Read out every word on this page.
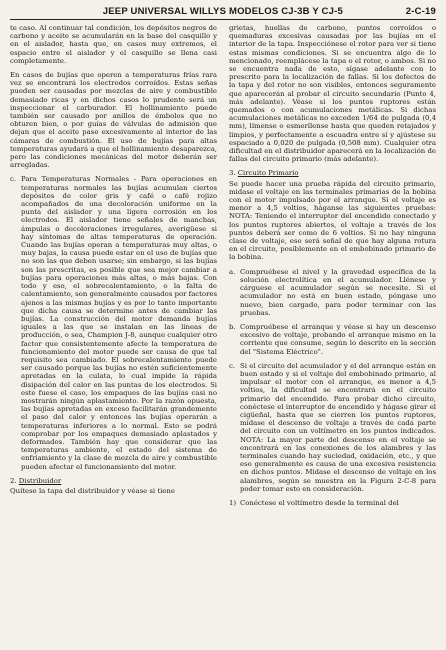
JEEP UNIVERSAL WILLYS MODELOS CJ-3B Y CJ-5	2-C-19

te caso. Al continuar tal condición, los depósitos negros de carbono y aceite se acumularán en la base del casquillo y en el aislador, hasta que, en casos muy extremos, el espacio entre el aislador y el casquillo se llena casi completamente.

En casos de bujías que operen a temperaturas frías rara vez se encontrará los electrodos corroídos. Estas señas pueden ser causadas por mezclas de aire y combustible demasiado ricas y en dichos casos lo prudente será un inspeccionar el carburador. El hollinamiento puede también ser causado por anillos de émbolos que no obturen bien, o por guías de válvulas de admisión que dejan que el aceite pase excesivamente al interior de las cámaras de combustión. El uso de bujías para altas temperaturas ayudará a que el hollinamiento desaparezca, pero las condiciones mecánicas del motor deberán ser arregladas.

c. Para Temperaturas Normales - Para operaciones en temperaturas normales las bujías acumulan ciertos depósitos de color gris y café o café rojizo acompañados de una decoloración uniforme en la punta del aislador y una ligera corrosión en los electrodos. El aislador tiene señales de manchas, ámpulas o decoloraciones irregulares, averigüese si hay síntomas de altas temperaturas de operación. Cuando las bujías operan a temperaturas muy altas, o muy bajas, la causa puede estar en el uso de bujías que no son las que deben usarse; sin embargo, si las bujías son las prescritas, es posible que sea mejor cambiar a bujías para operaciones más altas, o más bajas. Con todo y eso, el sobrecalentamiento, o la falta de calentamiento, son generalmente causados por factores ajenos a las mismas bujías y es por lo tanto importante que dicha causa se determine antes de cambiar las bujías. La construcción del motor demanda bujías iguales a las que se instalan en las líneas de producción, o sea, Champion J-8, aunque cualquier otro factor que consistentemente afecte la temperatura de funcionamiento del motor puede ser causa de que tal requisito sea cambiado. El sobrecalentamiento puede ser causado porque las bujías no estén suficientemente apretadas en la culata, lo cual impide la rápida disipación del calor en las puntas de los electrodos. Si este fuese el caso, los empaques de las bujías casi no mostrarán ningún aplastamiento. Por la razón opuesta, las bujías apretadas en exceso facilitarán grandemente el paso del calor y entonces las bujías operarán a temperaturas inferiores a lo normal. Esto se podrá comprobar por los empaques demasiado aplastados y deformados. También hay que considerar que las temperaturas ambiente, el estado del sistema de enfriamiento y la clase de mezcla de aire y combustible pueden afectar el funcionamiento del motor.
2. Distribuidor

Quítese la tapa del distribuidor y véase si tiene

grietas, huellas de carbono, puntos corroídos o quemaduras excesivas causadas por las bujías en el interior de la tapa. Inspecciónese el rotor para ver si tiene estas mismas condiciones. Si se encuentra algo de lo mencionado, reemplácese la tapa o el rotor, o ambos. Si no se encuentra nada de esto, sígase adelante con lo prescrito para la localización de fallas. Si los defectos de la tapa y del rotor no son visibles, entonces seguramente que aparecerán al probar el circuito secundario (Punto 4, más adelante). Véase si los puntos ruptores están quemados o con acumulaciones metálicas. Si dichas acumulaciones metálicas no exceden 1/64 de pulgada (0,4 mm), límense o esmerílense hasta que queden retajados y limpios, y perfectamente a escuadra entre sí y ajústese su espaciado a 0,020 de pulgada (0,508 mm). Cualquier otra dificultad en el distribuidor aparecerá en la localización de fallas del circuito primario (más adelante).

3. Circuito Primario

Se puede hacer una prueba rápida del circuito primario, midase el voltaje en las terminales primarias de la bobina con el motor impulsado por el arranque. Si el voltaje es menor a 4,5 voltios, háganse las siguientes pruebas: NOTA: Teniendo el interruptor del encendido conectado y los puntos ruptores abiertos, el voltaje a través de los puntos deberá ser como de 6 voltios. Si no hay ninguna clase de voltaje, eso será señal de que hay alguna rotura en el circuito, posiblemente en el embobinado primario de la bobina.

a. Compruébese el nivel y la gravedad específica de la solución electrolítica en el acumulador. Llénese y cárguese el acumulador según se necesite. Si el acumulador no está en buen estado, póngase uno nuevo, bien cargado, para poder terminar con las pruebas.
b. Compruébese el arranque y véase si hay un descenso excesivo de voltaje, probando el arranque mismo en la corriente que consume, según lo descrito en la sección del "Sistema Eléctrico".
c. Si el circuito del acumulador y el del arranque están en buen estado y si el voltaje del embobinado primario, al impulsar el motor con el arranque, es menor a 4,5 voltios, la dificultad se encontrará en el circuito primario del encendido. Para probar dicho circuito, conéctese el interruptor de encendido y hágase girar el cigüeñal, hasta que se cierren los puntos ruptores, mídase el descenso de voltaje a través de cada parte del circuito con un voltímetro en los puntos indicados. NOTA: La mayor parte del descenso en el voltaje se encontrará en las conexiones de los alambres y las terminales cuando hay suciedad, oxidación, etc., y que eso generalmente es causa de una excesiva resistencia en dichos puntos. Mídase el descenso de voltaje en los alambres, según se muestra en la Figura 2-C-8 para poder tomar esto en consideración.
1) Conéctese el voltímetro desde la terminal del
